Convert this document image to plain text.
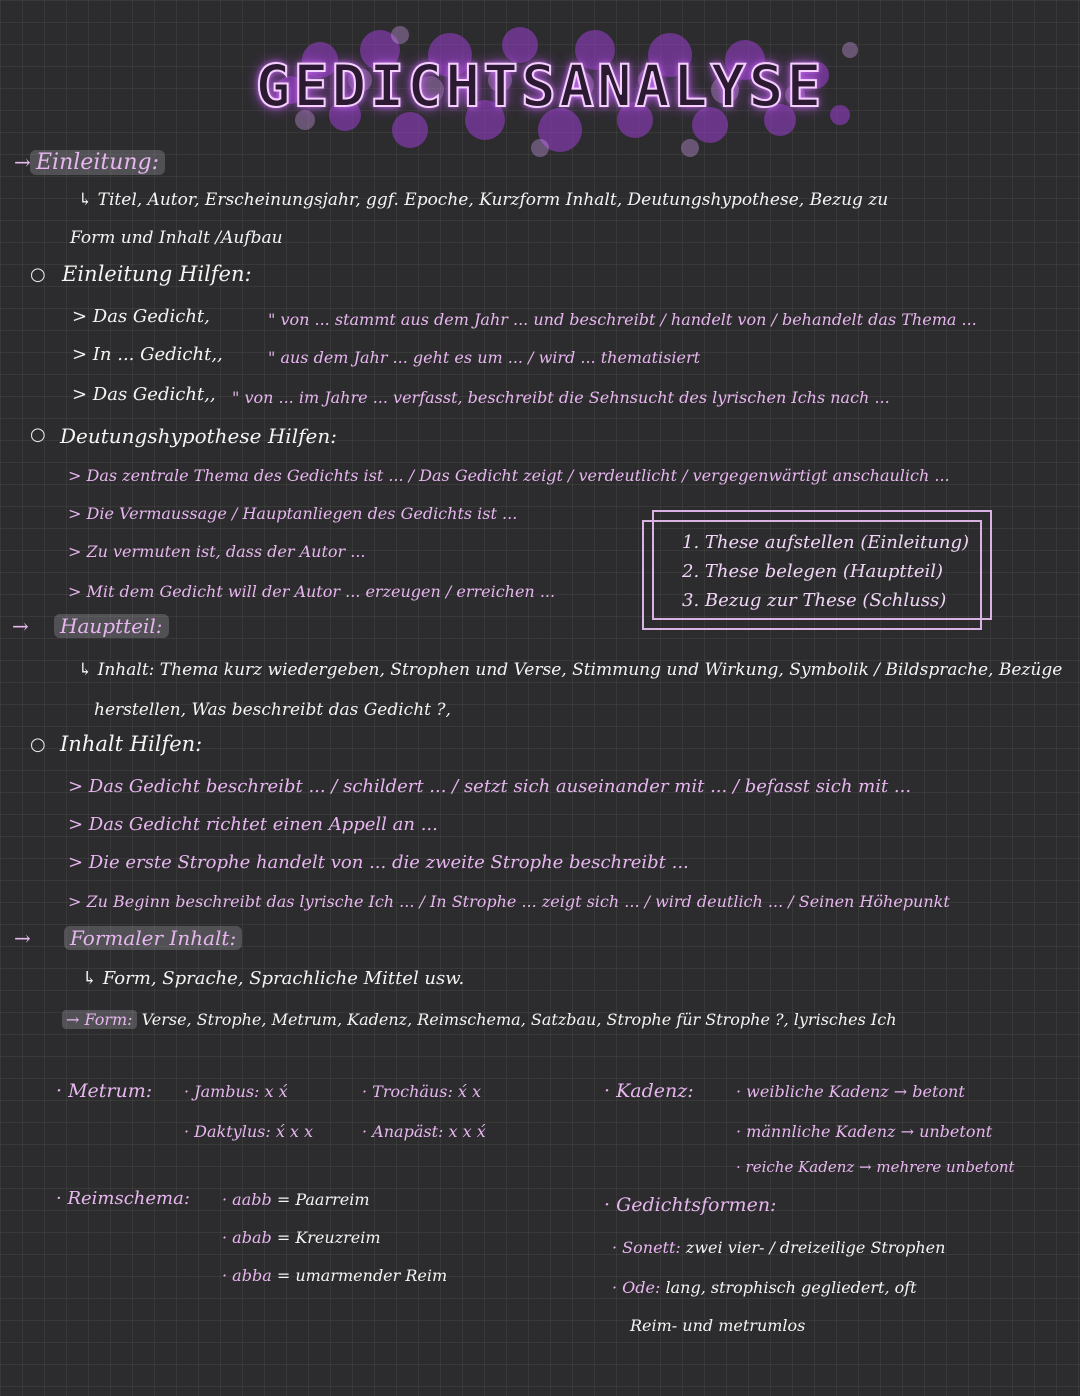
GEDICHTSANALYSE
Einleitung:
→
↳ Titel, Autor, Erscheinungsjahr, ggf. Epoche, Kurzform Inhalt, Deutungshypothese, Bezug zu
Form und Inhalt /Aufbau
○ Einleitung Hilfen:
> Das Gedicht,	" von ... stammt aus dem Jahr ... und beschreibt / handelt von / behandelt das Thema ...
> In ... Gedicht,,	" aus dem Jahr ... geht es um ... / wird ... thematisiert
> Das Gedicht,, " von ... im Jahre ... verfasst, beschreibt die Sehnsucht des lyrischen Ichs nach ...
○ Deutungshypothese Hilfen:
> Das zentrale Thema des Gedichts ist ... / Das Gedicht zeigt / verdeutlicht / vergegenwärtigt anschaulich ...
> Die Vermaussage / Hauptanliegen des Gedichts ist ...
> Zu vermuten ist, dass der Autor ...
> Mit dem Gedicht will der Autor ... erzeugen / erreichen ...
1. These aufstellen (Einleitung)
2. These belegen (Hauptteil)
3. Bezug zur These (Schluss)
→	Hauptteil:
↳ Inhalt: Thema kurz wiedergeben, Strophen und Verse, Stimmung und Wirkung, Symbolik / Bildsprache, Bezüge
herstellen, Was beschreibt das Gedicht ?,
○ Inhalt Hilfen:
> Das Gedicht beschreibt ... / schildert ... / setzt sich auseinander mit ... / befasst sich mit ...
> Das Gedicht richtet einen Appell an ...
> Die erste Strophe handelt von ... die zweite Strophe beschreibt ...
> Zu Beginn beschreibt das lyrische Ich ... / In Strophe ... zeigt sich ... / wird deutlich ... / Seinen Höhepunkt
→	Formaler Inhalt:
↳ Form, Sprache, Sprachliche Mittel usw.
→ Form: Verse, Strophe, Metrum, Kadenz, Reimschema, Satzbau, Strophe für Strophe ?, lyrisches Ich
· Metrum: · Jambus: x x́	· Trochäus: x́ x
· Daktylus: x́ x x	· Anapäst: x x x́
· Kadenz:	· weibliche Kadenz → betont
· männliche Kadenz → unbetont
· reiche Kadenz → mehrere unbetont
· Reimschema: · aabb = Paarreim
· abab = Kreuzreim
· abba = umarmender Reim
· Gedichtsformen:
· Sonett: zwei vier- / dreizeilige Strophen
· Ode: lang, strophisch gegliedert, oft
Reim- und metrumlos
